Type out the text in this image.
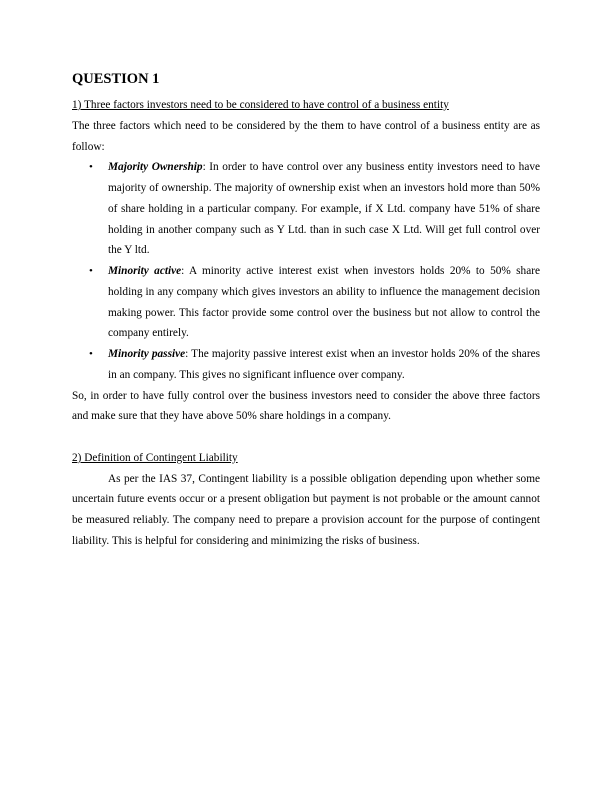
QUESTION 1

1) Three factors investors need to be considered to have control of a business entity

The three factors which need to be considered by the them to have control of a business entity are as follow:

• Majority Ownership: In order to have control over any business entity investors need to have majority of ownership. The majority of ownership exist when an investors hold more than 50% of share holding in a particular company. For example, if X Ltd. company have 51% of share holding in another company such as Y Ltd. than in such case X Ltd. Will get full control over the Y ltd.
• Minority active: A minority active interest exist when investors holds 20% to 50% share holding in any company which gives investors an ability to influence the management decision making power. This factor provide some control over the business but not allow to control the company entirely.
• Minority passive: The majority passive interest exist when an investor holds 20% of the shares in an company. This gives no significant influence over company.

So, in order to have fully control over the business investors need to consider the above three factors and make sure that they have above 50% share holdings in a company.

2) Definition of Contingent Liability

As per the IAS 37, Contingent liability is a possible obligation depending upon whether some uncertain future events occur or a present obligation but payment is not probable or the amount cannot be measured reliably. The company need to prepare a provision account for the purpose of contingent liability. This is helpful for considering and minimizing the risks of business.
